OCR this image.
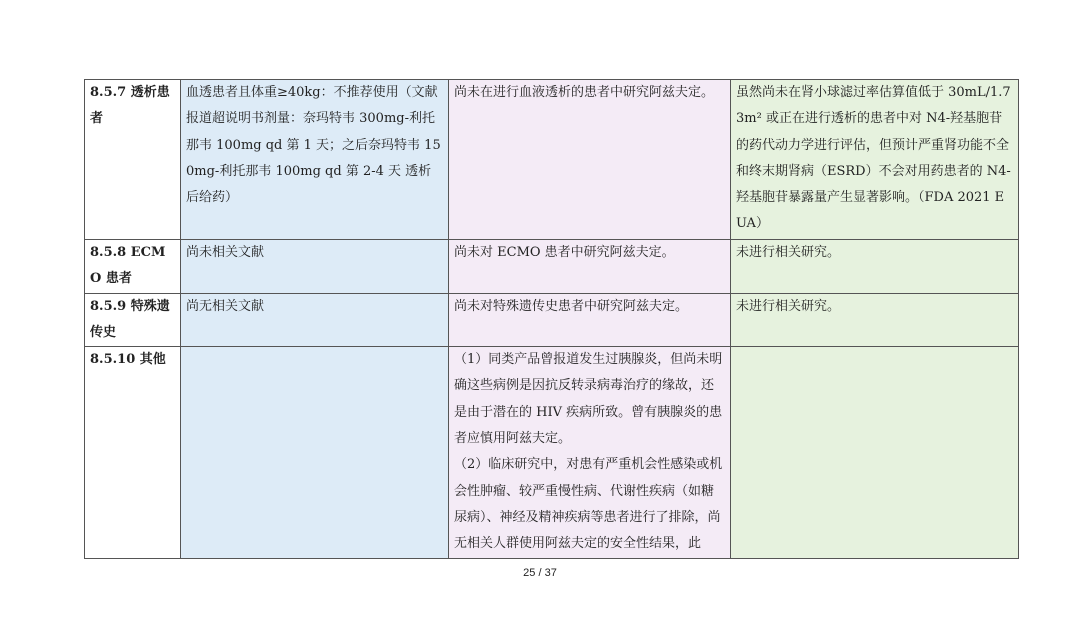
8.5.7 透析患者	血透患者且体重≥40kg：不推荐使用（文献报道超说明书剂量：奈玛特韦 300mg-利托那韦 100mg qd 第 1 天；之后奈玛特韦 150mg-利托那韦 100mg qd 第 2-4 天 透析后给药）	尚未在进行血液透析的患者中研究阿兹夫定。	虽然尚未在肾小球滤过率估算值低于 30mL/1.73m² 或正在进行透析的患者中对 N4-羟基胞苷的药代动力学进行评估，但预计严重肾功能不全和终末期肾病（ESRD）不会对用药患者的 N4-羟基胞苷暴露量产生显著影响。（FDA 2021 EUA）
8.5.8 ECMO 患者	尚未相关文献	尚未对 ECMO 患者中研究阿兹夫定。	未进行相关研究。
8.5.9 特殊遗传史	尚无相关文献	尚未对特殊遗传史患者中研究阿兹夫定。	未进行相关研究。
8.5.10 其他		（1）同类产品曾报道发生过胰腺炎，但尚未明确这些病例是因抗反转录病毒治疗的缘故，还是由于潜在的 HIV 疾病所致。曾有胰腺炎的患者应慎用阿兹夫定。
（2）临床研究中，对患有严重机会性感染或机会性肿瘤、较严重慢性病、代谢性疾病（如糖尿病）、神经及精神疾病等患者进行了排除，尚无相关人群使用阿兹夫定的安全性结果，此	

25 / 37
